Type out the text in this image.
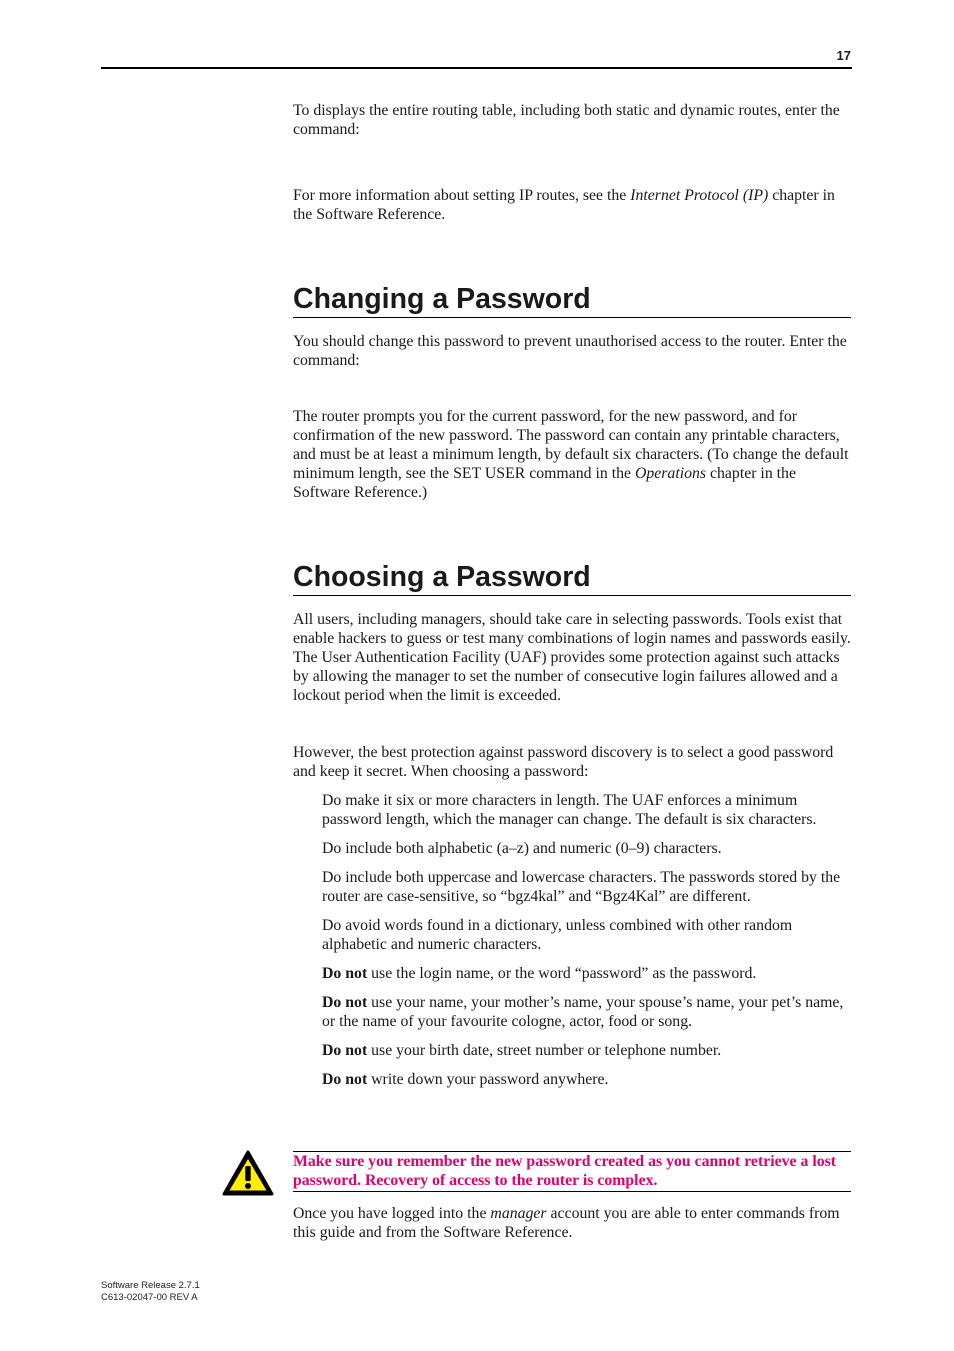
17

To displays the entire routing table, including both static and dynamic routes, enter the command:

For more information about setting IP routes, see the Internet Protocol (IP) chapter in the Software Reference.

Changing a Password

You should change this password to prevent unauthorised access to the router. Enter the command:

The router prompts you for the current password, for the new password, and for confirmation of the new password. The password can contain any printable characters, and must be at least a minimum length, by default six characters. (To change the default minimum length, see the SET USER command in the Operations chapter in the Software Reference.)

Choosing a Password

All users, including managers, should take care in selecting passwords. Tools exist that enable hackers to guess or test many combinations of login names and passwords easily. The User Authentication Facility (UAF) provides some protection against such attacks by allowing the manager to set the number of consecutive login failures allowed and a lockout period when the limit is exceeded.

However, the best protection against password discovery is to select a good password and keep it secret. When choosing a password:

Do make it six or more characters in length. The UAF enforces a minimum password length, which the manager can change. The default is six characters.
Do include both alphabetic (a–z) and numeric (0–9) characters.
Do include both uppercase and lowercase characters. The passwords stored by the router are case-sensitive, so “bgz4kal” and “Bgz4Kal” are different.
Do avoid words found in a dictionary, unless combined with other random alphabetic and numeric characters.
Do not use the login name, or the word “password” as the password.
Do not use your name, your mother’s name, your spouse’s name, your pet’s name, or the name of your favourite cologne, actor, food or song.
Do not use your birth date, street number or telephone number.
Do not write down your password anywhere.

Make sure you remember the new password created as you cannot retrieve a lost password. Recovery of access to the router is complex.

Once you have logged into the manager account you are able to enter commands from this guide and from the Software Reference.

Software Release 2.7.1
C613-02047-00 REV A
